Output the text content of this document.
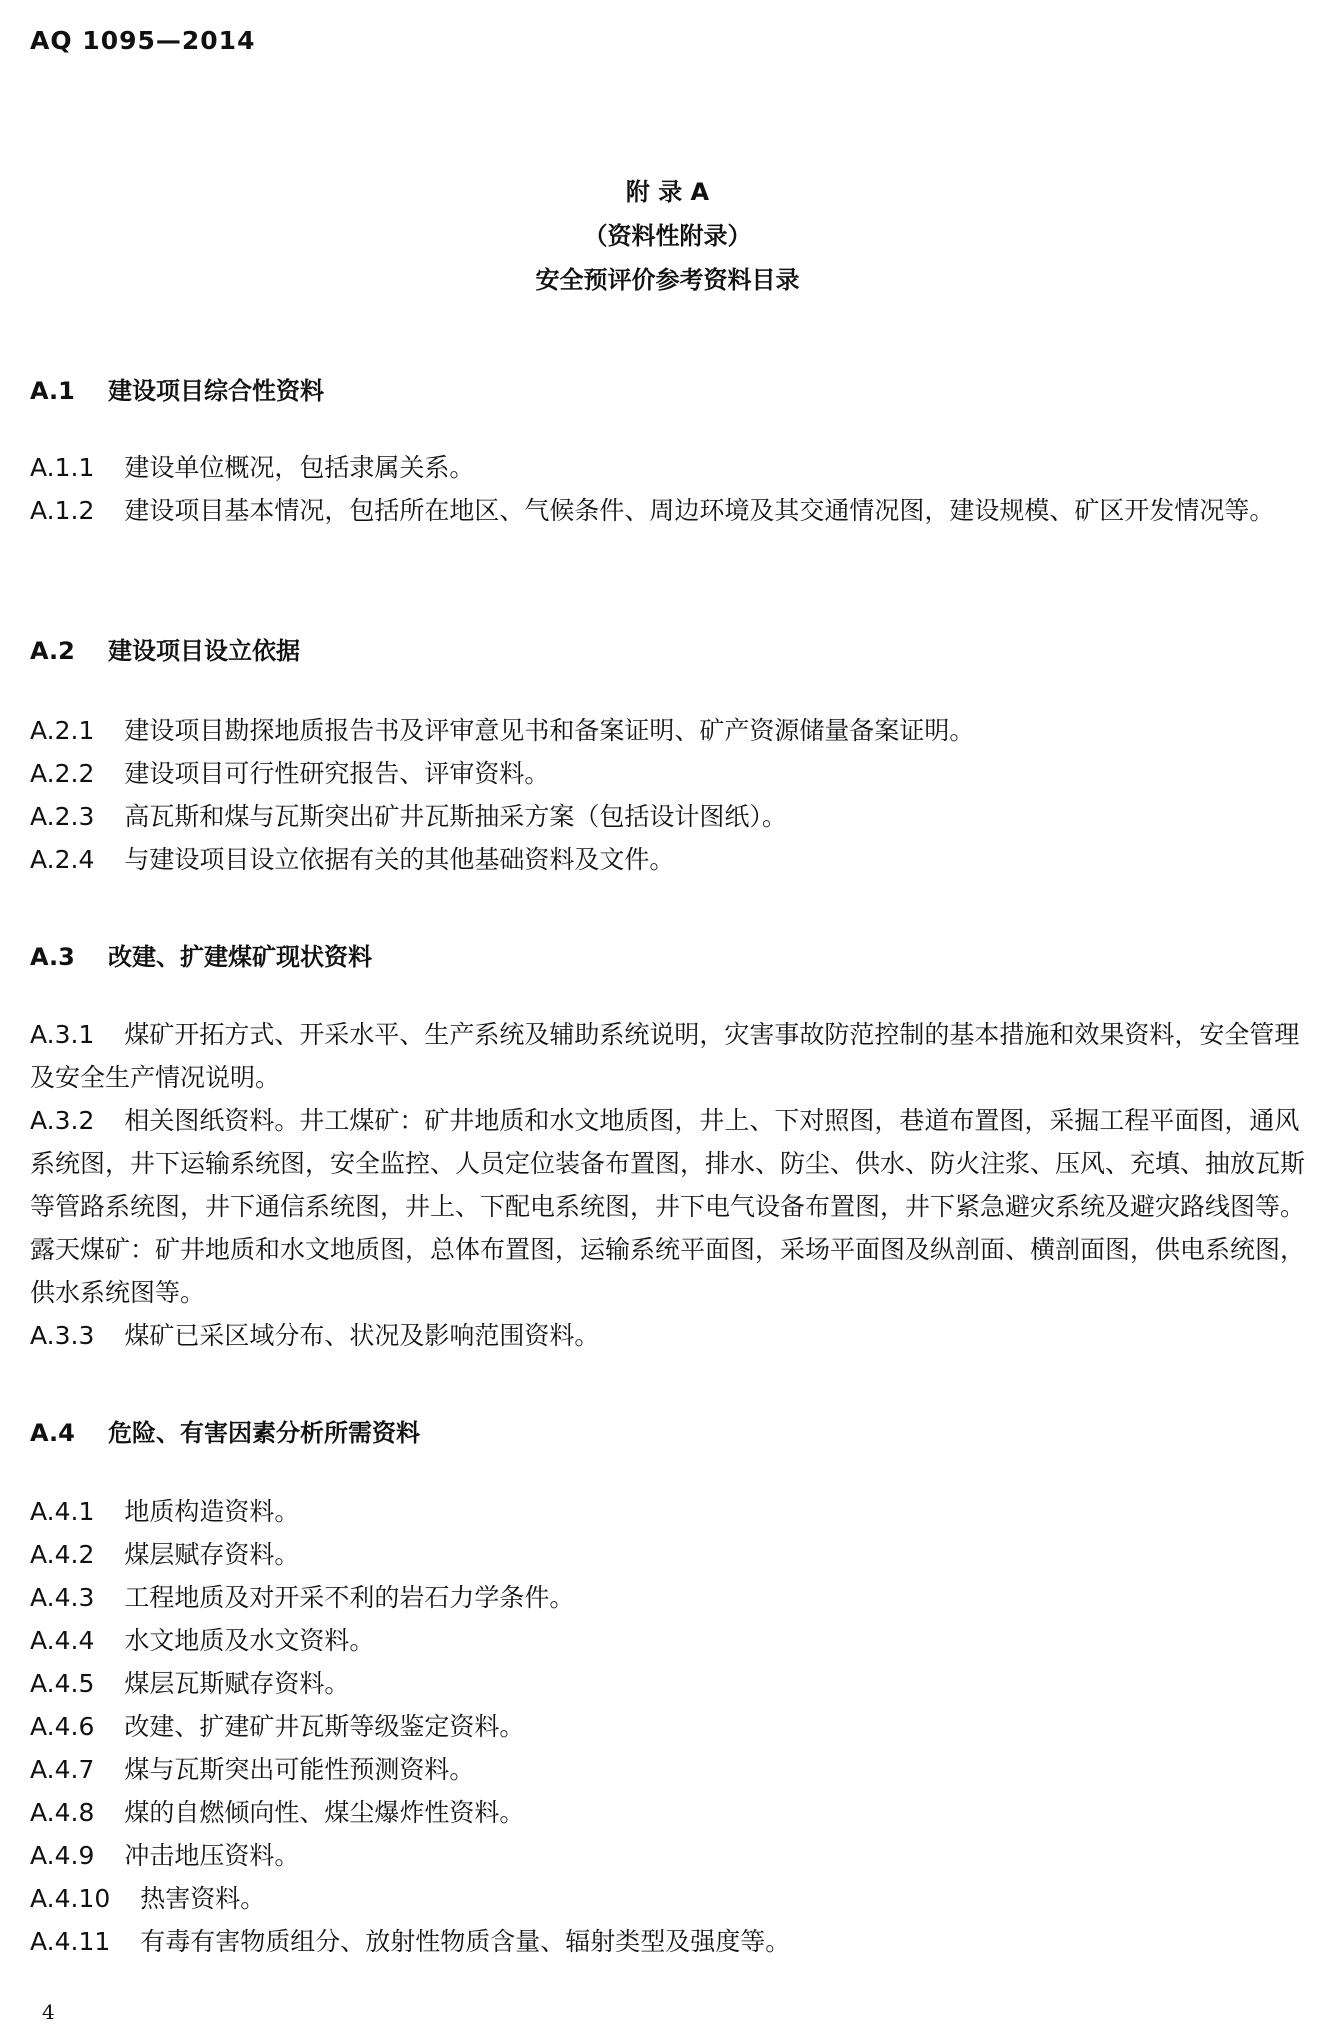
AQ 1095—2014
附 录 A
（资料性附录）
安全预评价参考资料目录
A.1 建设项目综合性资料
A.1.1 建设单位概况，包括隶属关系。
A.1.2 建设项目基本情况，包括所在地区、气候条件、周边环境及其交通情况图，建设规模、矿区开发情况等。
A.2 建设项目设立依据
A.2.1 建设项目勘探地质报告书及评审意见书和备案证明、矿产资源储量备案证明。
A.2.2 建设项目可行性研究报告、评审资料。
A.2.3 高瓦斯和煤与瓦斯突出矿井瓦斯抽采方案（包括设计图纸）。
A.2.4 与建设项目设立依据有关的其他基础资料及文件。
A.3 改建、扩建煤矿现状资料
A.3.1 煤矿开拓方式、开采水平、生产系统及辅助系统说明，灾害事故防范控制的基本措施和效果资料，安全管理及安全生产情况说明。
A.3.2 相关图纸资料。井工煤矿：矿井地质和水文地质图，井上、下对照图，巷道布置图，采掘工程平面图，通风系统图，井下运输系统图，安全监控、人员定位装备布置图，排水、防尘、供水、防火注浆、压风、充填、抽放瓦斯等管路系统图，井下通信系统图，井上、下配电系统图，井下电气设备布置图，井下紧急避灾系统及避灾路线图等。露天煤矿：矿井地质和水文地质图，总体布置图，运输系统平面图，采场平面图及纵剖面、横剖面图，供电系统图，供水系统图等。
A.3.3 煤矿已采区域分布、状况及影响范围资料。
A.4 危险、有害因素分析所需资料
A.4.1 地质构造资料。
A.4.2 煤层赋存资料。
A.4.3 工程地质及对开采不利的岩石力学条件。
A.4.4 水文地质及水文资料。
A.4.5 煤层瓦斯赋存资料。
A.4.6 改建、扩建矿井瓦斯等级鉴定资料。
A.4.7 煤与瓦斯突出可能性预测资料。
A.4.8 煤的自燃倾向性、煤尘爆炸性资料。
A.4.9 冲击地压资料。
A.4.10 热害资料。
A.4.11 有毒有害物质组分、放射性物质含量、辐射类型及强度等。
4
